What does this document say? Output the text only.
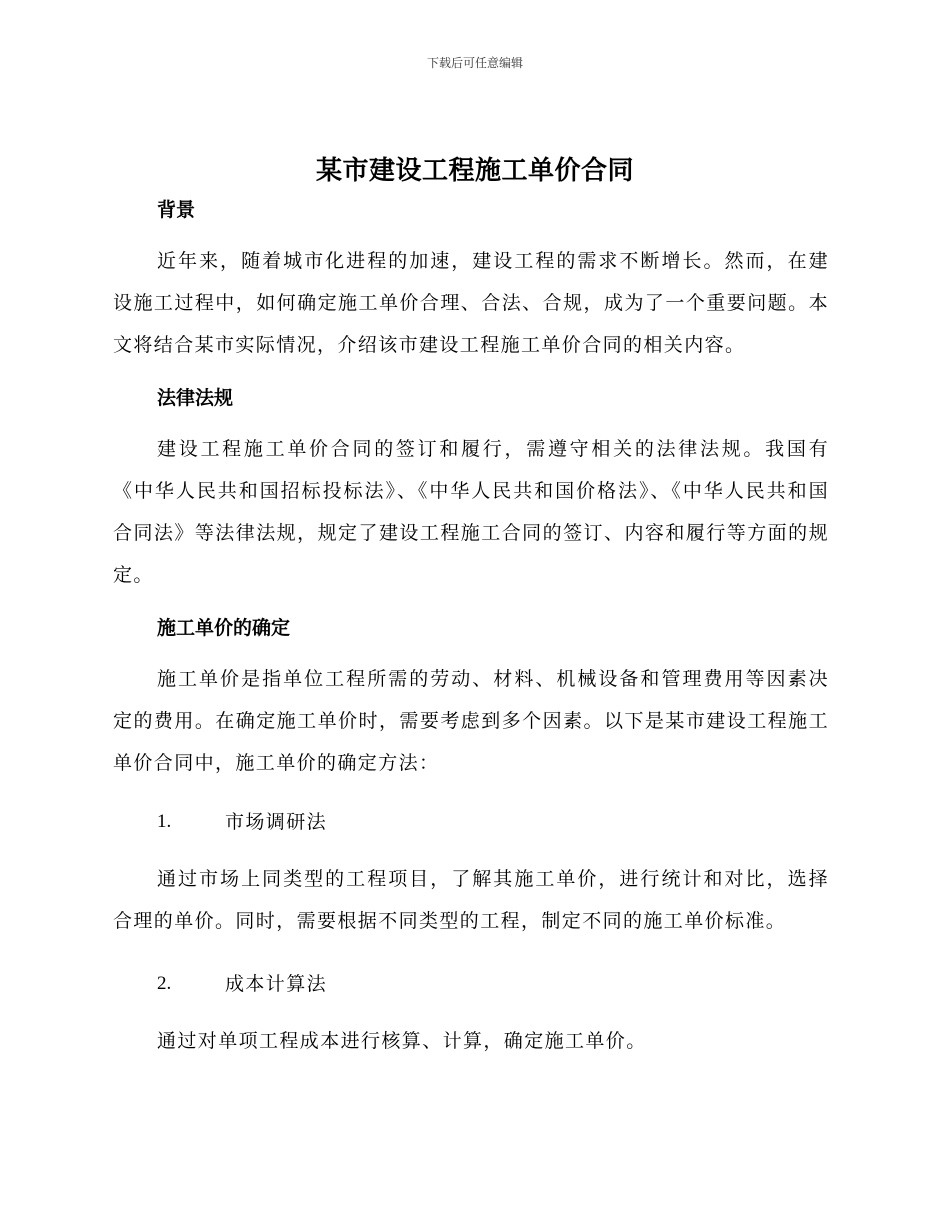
下载后可任意编辑
某市建设工程施工单价合同

背景

近年来，随着城市化进程的加速，建设工程的需求不断增长。然而，在建设施工过程中，如何确定施工单价合理、合法、合规，成为了一个重要问题。本文将结合某市实际情况，介绍该市建设工程施工单价合同的相关内容。

法律法规

建设工程施工单价合同的签订和履行，需遵守相关的法律法规。我国有《中华人民共和国招标投标法》、《中华人民共和国价格法》、《中华人民共和国合同法》等法律法规，规定了建设工程施工合同的签订、内容和履行等方面的规定。

施工单价的确定

施工单价是指单位工程所需的劳动、材料、机械设备和管理费用等因素决定的费用。在确定施工单价时，需要考虑到多个因素。以下是某市建设工程施工单价合同中，施工单价的确定方法：

1.	市场调研法

通过市场上同类型的工程项目，了解其施工单价，进行统计和对比，选择合理的单价。同时，需要根据不同类型的工程，制定不同的施工单价标准。

2.	成本计算法

通过对单项工程成本进行核算、计算，确定施工单价。
